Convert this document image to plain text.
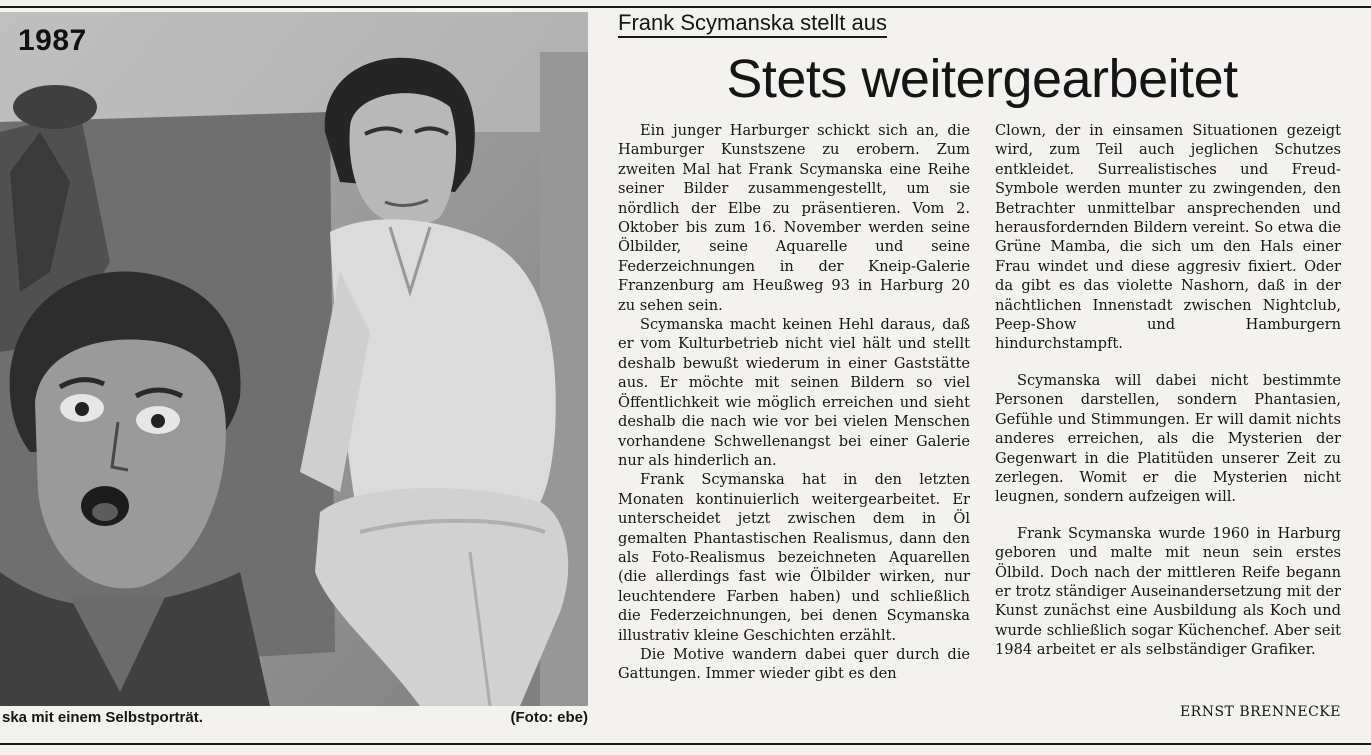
1987
ska mit einem Selbstporträt.	(Foto: ebe)
Frank Scymanska stellt aus
Stets weitergearbeitet

Ein junger Harburger schickt sich an, die Hamburger Kunstszene zu erobern. Zum zweiten Mal hat Frank Scymanska eine Reihe seiner Bilder zusammengestellt, um sie nördlich der Elbe zu präsentieren. Vom 2. Oktober bis zum 16. November werden seine Ölbilder, seine Aquarelle und seine Federzeichnungen in der Kneip-Galerie Franzenburg am Heußweg 93 in Harburg 20 zu sehen sein.

Scymanska macht keinen Hehl daraus, daß er vom Kulturbetrieb nicht viel hält und stellt deshalb bewußt wiederum in einer Gaststätte aus. Er möchte mit seinen Bildern so viel Öffentlichkeit wie möglich erreichen und sieht deshalb die nach wie vor bei vielen Menschen vorhandene Schwellenangst bei einer Galerie nur als hinderlich an.

Frank Scymanska hat in den letzten Monaten kontinuierlich weitergearbeitet. Er unterscheidet jetzt zwischen dem in Öl gemalten Phantastischen Realismus, dann den als Foto-Realismus bezeichneten Aquarellen (die allerdings fast wie Ölbilder wirken, nur leuchtendere Farben haben) und schließlich die Federzeichnungen, bei denen Scymanska illustrativ kleine Geschichten erzählt.

Die Motive wandern dabei quer durch die Gattungen. Immer wieder gibt es den

Clown, der in einsamen Situationen gezeigt wird, zum Teil auch jeglichen Schutzes entkleidet. Surrealistisches und Freud-Symbole werden munter zu zwingenden, den Betrachter unmittelbar ansprechenden und herausfordernden Bildern vereint. So etwa die Grüne Mamba, die sich um den Hals einer Frau windet und diese aggresiv fixiert. Oder da gibt es das violette Nashorn, daß in der nächtlichen Innenstadt zwischen Nightclub, Peep-Show und Hamburgern hindurchstampft.

Scymanska will dabei nicht bestimmte Personen darstellen, sondern Phantasien, Gefühle und Stimmungen. Er will damit nichts anderes erreichen, als die Mysterien der Gegenwart in die Platitüden unserer Zeit zu zerlegen. Womit er die Mysterien nicht leugnen, sondern aufzeigen will.

Frank Scymanska wurde 1960 in Harburg geboren und malte mit neun sein erstes Ölbild. Doch nach der mittleren Reife begann er trotz ständiger Auseinandersetzung mit der Kunst zunächst eine Ausbildung als Koch und wurde schließlich sogar Küchenchef. Aber seit 1984 arbeitet er als selbständiger Grafiker.

ERNST BRENNECKE
